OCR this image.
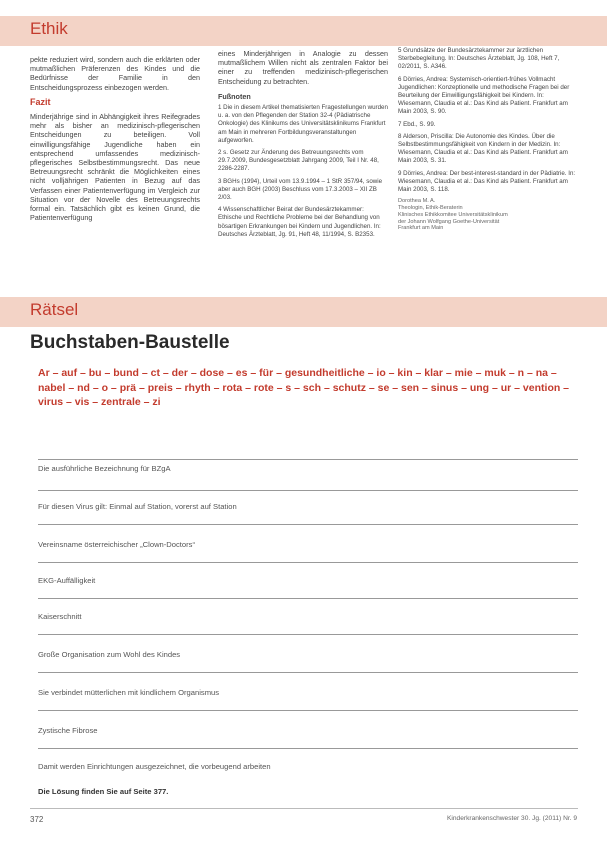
Ethik

pekte reduziert wird, sondern auch die erklärten oder mutmaßlichen Präferenzen des Kindes und die Bedürfnisse der Familie in den Entscheidungsprozess einbezogen werden.

Fazit

Minderjährige sind in Abhängigkeit ihres Reifegrades mehr als bisher an medizinisch-pflegerischen Entscheidungen zu beteiligen. Voll einwilligungsfähige Jugendliche haben ein entsprechend umfassendes medizinisch-pflegerisches Selbstbestimmungsrecht. Das neue Betreuungsrecht schränkt die Möglichkeiten eines nicht volljährigen Patienten in Bezug auf das Verfassen einer Patientenverfügung im Vergleich zur Situation vor der Novelle des Betreuungsrechts formal ein. Tatsächlich gibt es keinen Grund, die Patientenverfügung

eines Minderjährigen in Analogie zu dessen mutmaßlichem Willen nicht als zentralen Faktor bei einer zu treffenden medizinisch-pflegerischen Entscheidung zu betrachten.

Fußnoten

1 Die in diesem Artikel thematisierten Fragestellungen wurden u. a. von den Pflegenden der Station 32-4 (Pädiatrische Onkologie) des Klinikums des Universitätsklinikums Frankfurt am Main in mehreren Fortbildungsveranstaltungen aufgeworfen.

2 s. Gesetz zur Änderung des Betreuungsrechts vom 29.7.2009, Bundesgesetzblatt Jahrgang 2009, Teil I Nr. 48, 2286-2287.

3 BGHs (1994), Urteil vom 13.9.1994 – 1 StR 357/94, sowie aber auch BGH (2003) Beschluss vom 17.3.2003 – XII ZB 2/03.

4 Wissenschaftlicher Beirat der Bundesärztekammer: Ethische und Rechtliche Probleme bei der Behandlung von bösartigen Erkrankungen bei Kindern und Jugendlichen. In: Deutsches Ärzteblatt, Jg. 91, Heft 48, 11/1994, S. B2353.

5 Grundsätze der Bundesärztekammer zur ärztlichen Sterbebegleitung. In: Deutsches Ärzteblatt, Jg. 108, Heft 7, 02/2011, S. A346.

6 Dörries, Andrea: Systemisch-orientiert-frühes Vollmacht Jugendlichen: Konzeptionelle und methodische Fragen bei der Beurteilung der Einwilligungsfähigkeit bei Kindern. In: Wiesemann, Claudia et al.: Das Kind als Patient. Frankfurt am Main 2003, S. 90.

7 Ebd., S. 99.

8 Alderson, Priscilla: Die Autonomie des Kindes. Über die Selbstbestimmungsfähigkeit von Kindern in der Medizin. In: Wiesemann, Claudia et al.: Das Kind als Patient. Frankfurt am Main 2003, S. 31.

9 Dörries, Andrea: Der best-interest-standard in der Pädiatrie. In: Wiesemann, Claudia et al.: Das Kind als Patient. Frankfurt am Main 2003, S. 118.

Dorothea M. A.
Theologin, Ethik-Beraterin
Klinisches Ethikkomitee Universitätsklinikum
der Johann Wolfgang Goethe-Universität
Frankfurt am Main
Rätsel
Buchstaben-Baustelle
Ar – auf – bu – bund – ct – der – dose – es – für – gesundheitliche – io – kin – klar – mie – muk – n – na – nabel – nd – o – prä – preis – rhyth – rota – rote – s – sch – schutz – se – sen – sinus – ung – ur – vention – virus – vis – zentrale – zi
Die ausführliche Bezeichnung für BZgA
Für diesen Virus gilt: Einmal auf Station, vorerst auf Station
Vereinsname österreichischer „Clown-Doctors“
EKG-Auffälligkeit
Kaiserschnitt
Große Organisation zum Wohl des Kindes
Sie verbindet mütterlichen mit kindlichem Organismus
Zystische Fibrose
Damit werden Einrichtungen ausgezeichnet, die vorbeugend arbeiten
Die Lösung finden Sie auf Seite 377.
372	Kinderkrankenschwester 30. Jg. (2011) Nr. 9
